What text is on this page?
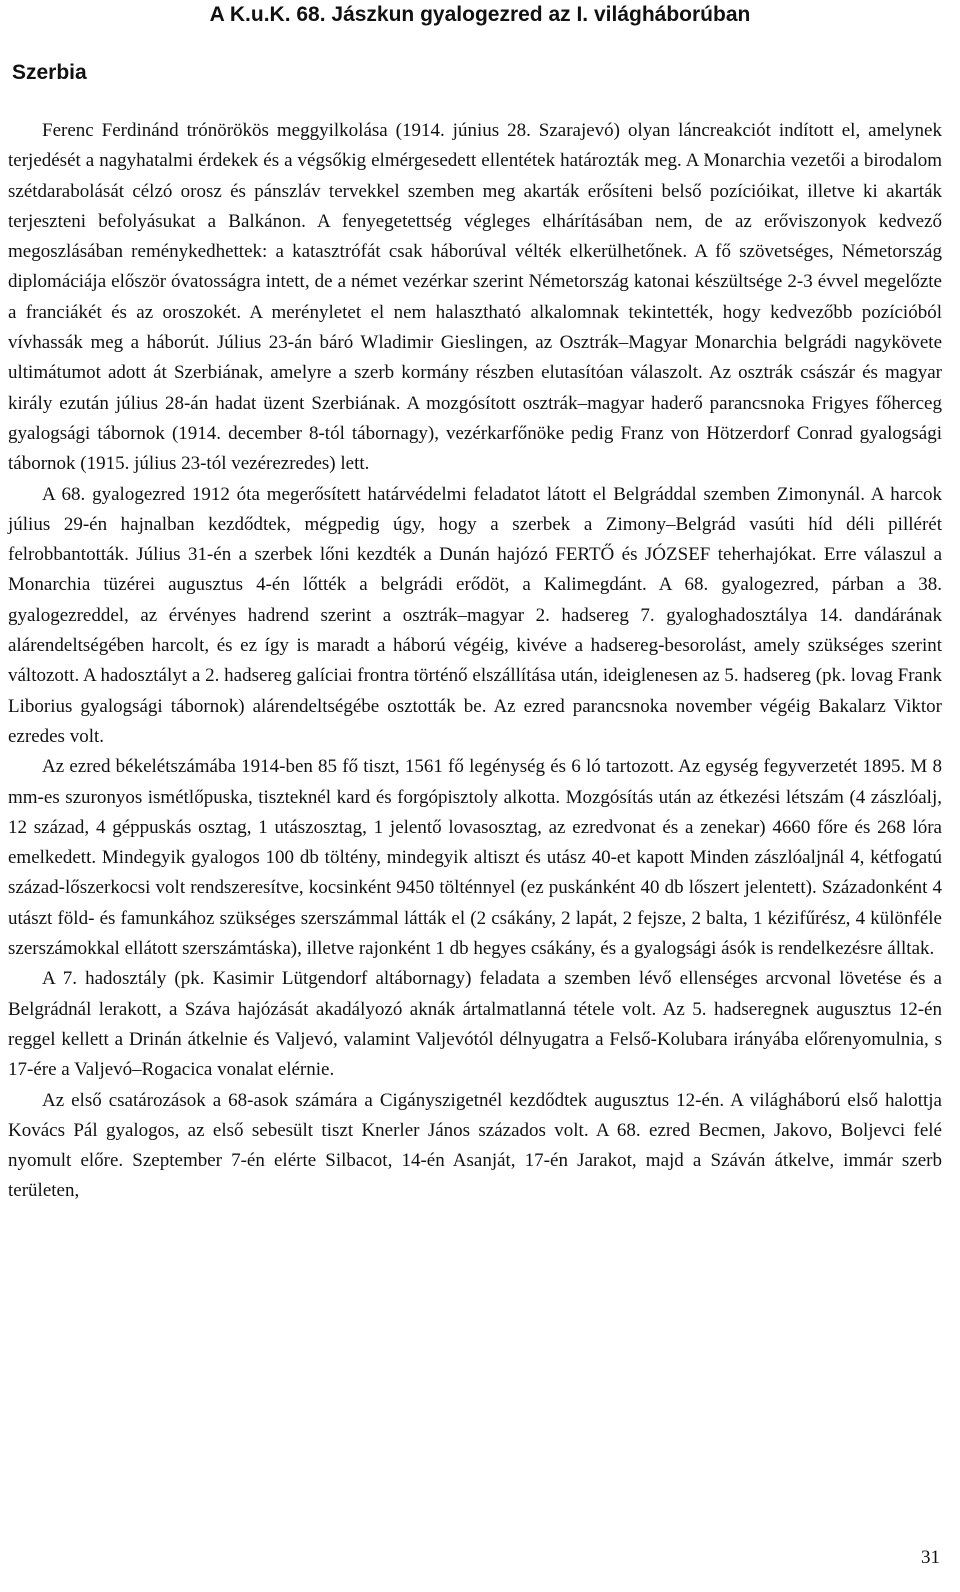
A K.u.K. 68. Jászkun gyalogezred az I. világháborúban
Szerbia

Ferenc Ferdinánd trónörökös meggyilkolása (1914. június 28. Szarajevó) olyan láncreakciót indított el, amelynek terjedését a nagyhatalmi érdekek és a végsőkig elmérgesedett ellentétek határozták meg. A Monarchia vezetői a birodalom szétdarabolását célzó orosz és pánszláv tervekkel szemben meg akarták erősíteni belső pozícióikat, illetve ki akarták terjeszteni befolyásukat a Balkánon. A fenyegetettség végleges elhárításában nem, de az erőviszonyok kedvező megoszlásában reménykedhettek: a katasztrófát csak háborúval vélték elkerülhetőnek. A fő szövetséges, Németország diplomáciája először óvatosságra intett, de a német vezérkar szerint Németország katonai készültsége 2-3 évvel megelőzte a franciákét és az oroszokét. A merényletet el nem halasztható alkalomnak tekintették, hogy kedvezőbb pozícióból vívhassák meg a háborút. Július 23-án báró Wladimir Gieslingen, az Osztrák–Magyar Monarchia belgrádi nagykövete ultimátumot adott át Szerbiának, amelyre a szerb kormány részben elutasítóan válaszolt. Az osztrák császár és magyar király ezután július 28-án hadat üzent Szerbiának. A mozgósított osztrák–magyar haderő parancsnoka Frigyes főherceg gyalogsági tábornok (1914. december 8-tól tábornagy), vezérkarfőnöke pedig Franz von Hötzerdorf Conrad gyalogsági tábornok (1915. július 23-tól vezérezredes) lett.

A 68. gyalogezred 1912 óta megerősített határvédelmi feladatot látott el Belgráddal szemben Zimonynál. A harcok július 29-én hajnalban kezdődtek, mégpedig úgy, hogy a szerbek a Zimony–Belgrád vasúti híd déli pillérét felrobbantották. Július 31-én a szerbek lőni kezdték a Dunán hajózó FERTŐ és JÓZSEF teherhajókat. Erre válaszul a Monarchia tüzérei augusztus 4-én lőtték a belgrádi erődöt, a Kalimegdánt. A 68. gyalogezred, párban a 38. gyalogezreddel, az érvényes hadrend szerint a osztrák–magyar 2. hadsereg 7. gyaloghadosztálya 14. dandárának alárendeltségében harcolt, és ez így is maradt a háború végéig, kivéve a hadsereg-besorolást, amely szükséges szerint változott. A hadosztályt a 2. hadsereg galíciai frontra történő elszállítása után, ideiglenesen az 5. hadsereg (pk. lovag Frank Liborius gyalogsági tábornok) alárendeltségébe osztották be. Az ezred parancsnoka november végéig Bakalarz Viktor ezredes volt.

Az ezred békelétszámába 1914-ben 85 fő tiszt, 1561 fő legénység és 6 ló tartozott. Az egység fegyverzetét 1895. M 8 mm-es szuronyos ismétlőpuska, tiszteknél kard és forgópisztoly alkotta. Mozgósítás után az étkezési létszám (4 zászlóalj, 12 század, 4 géppuskás osztag, 1 utászosztag, 1 jelentő lovasosztag, az ezredvonat és a zenekar) 4660 főre és 268 lóra emelkedett. Mindegyik gyalogos 100 db töltény, mindegyik altiszt és utász 40-et kapott Minden zászlóaljnál 4, kétfogatú század-lőszerkocsi volt rendszeresítve, kocsinként 9450 tölténnyel (ez puskánként 40 db lőszert jelentett). Századonként 4 utászt föld- és famunkához szükséges szerszámmal látták el (2 csákány, 2 lapát, 2 fejsze, 2 balta, 1 kézifűrész, 4 különféle szerszámokkal ellátott szerszámtáska), illetve rajonként 1 db hegyes csákány, és a gyalogsági ásók is rendelkezésre álltak.

A 7. hadosztály (pk. Kasimir Lütgendorf altábornagy) feladata a szemben lévő ellenséges arcvonal lövetése és a Belgrádnál lerakott, a Száva hajózását akadályozó aknák ártalmatlanná tétele volt. Az 5. hadseregnek augusztus 12-én reggel kellett a Drinán átkelnie és Valjevó, valamint Valjevótól délnyugatra a Felső-Kolubara irányába előrenyomulnia, s 17-ére a Valjevó–Rogacica vonalat elérnie.

Az első csatározások a 68-asok számára a Cigányszigetnél kezdődtek augusztus 12-én. A világháború első halottja Kovács Pál gyalogos, az első sebesült tiszt Knerler János százados volt. A 68. ezred Becmen, Jakovo, Boljevci felé nyomult előre. Szeptember 7-én elérte Silbacot, 14-én Asanját, 17-én Jarakot, majd a Száván átkelve, immár szerb területen,

31
